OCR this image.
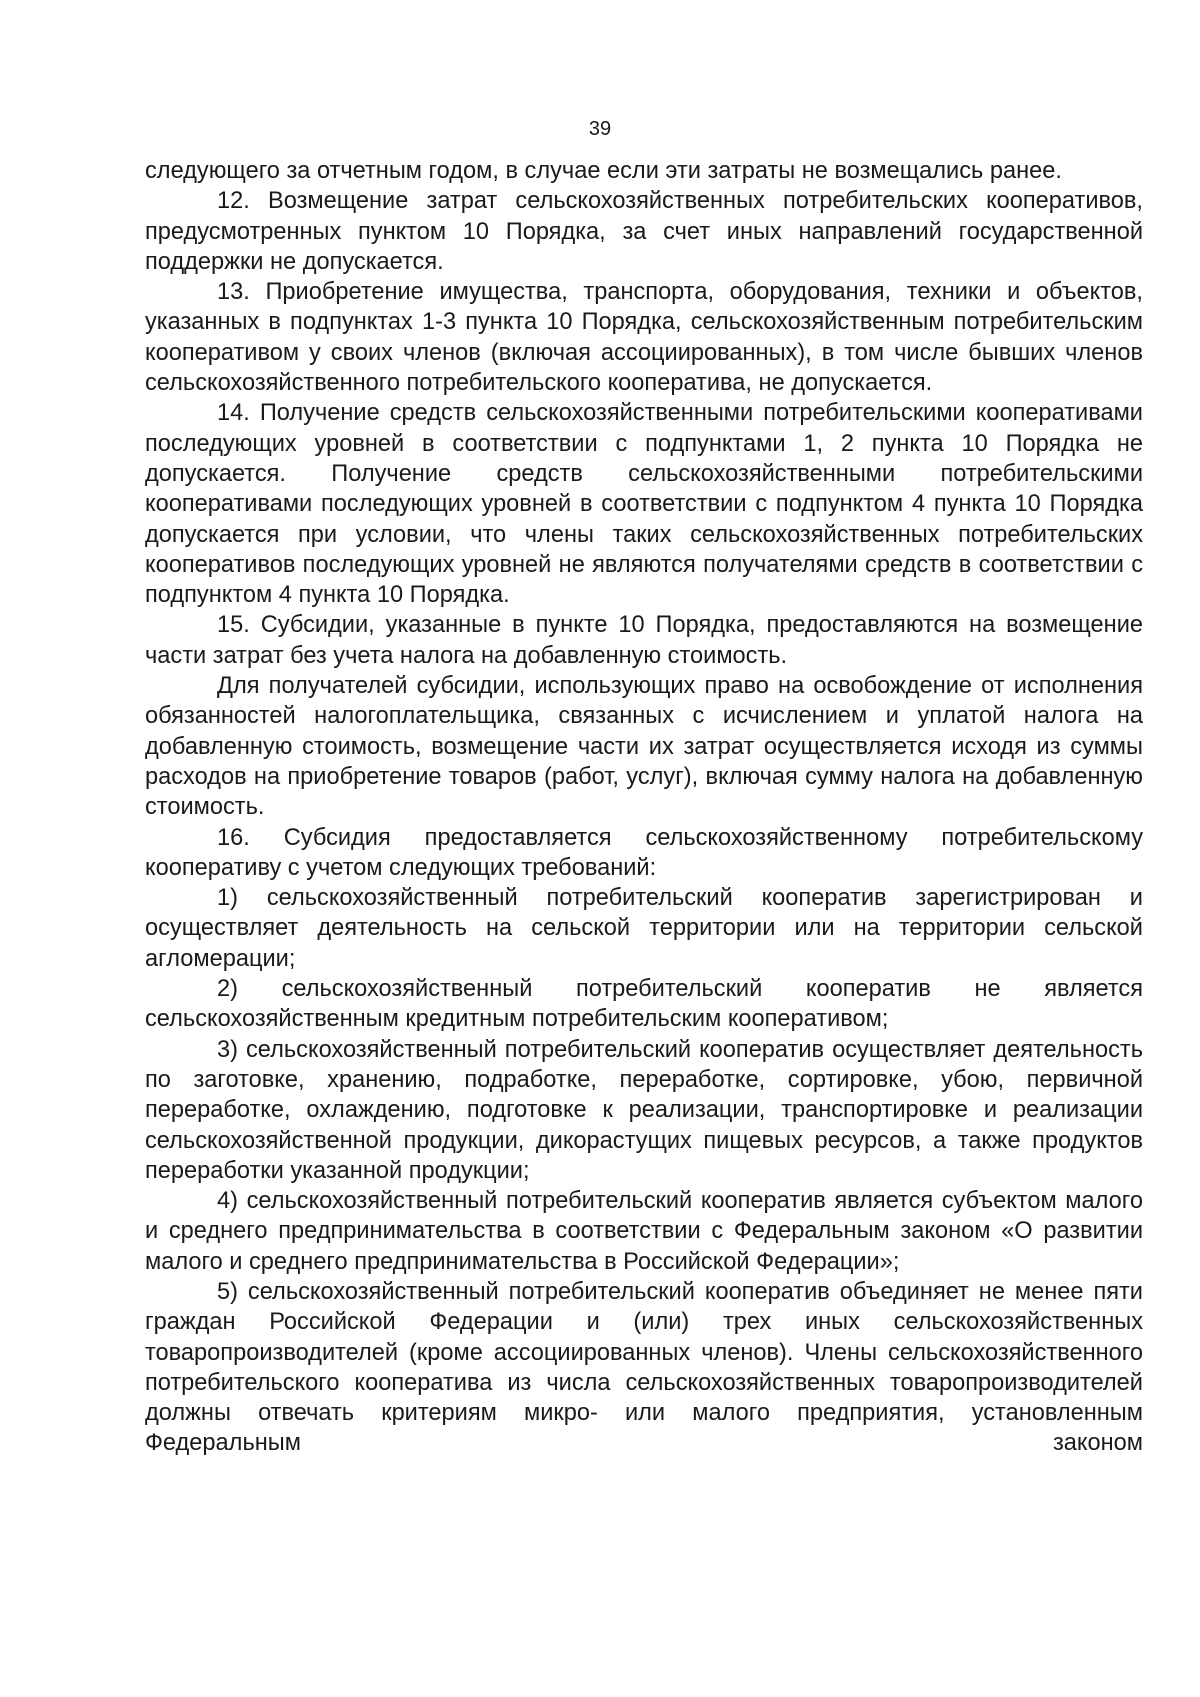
39

следующего за отчетным годом, в случае если эти затраты не возмещались ранее.

12. Возмещение затрат сельскохозяйственных потребительских кооперативов, предусмотренных пунктом 10 Порядка, за счет иных направлений государственной поддержки не допускается.

13. Приобретение имущества, транспорта, оборудования, техники и объектов, указанных в подпунктах 1-3 пункта 10 Порядка, сельскохозяйственным потребительским кооперативом у своих членов (включая ассоциированных), в том числе бывших членов сельскохозяйственного потребительского кооператива, не допускается.

14. Получение средств сельскохозяйственными потребительскими кооперативами последующих уровней в соответствии с подпунктами 1, 2 пункта 10 Порядка не допускается. Получение средств сельскохозяйственными потребительскими кооперативами последующих уровней в соответствии с подпунктом 4 пункта 10 Порядка допускается при условии, что члены таких сельскохозяйственных потребительских кооперативов последующих уровней не являются получателями средств в соответствии с подпунктом 4 пункта 10 Порядка.

15. Субсидии, указанные в пункте 10 Порядка, предоставляются на возмещение части затрат без учета налога на добавленную стоимость.

Для получателей субсидии, использующих право на освобождение от исполнения обязанностей налогоплательщика, связанных с исчислением и уплатой налога на добавленную стоимость, возмещение части их затрат осуществляется исходя из суммы расходов на приобретение товаров (работ, услуг), включая сумму налога на добавленную стоимость.

16. Субсидия предоставляется сельскохозяйственному потребительскому кооперативу с учетом следующих требований:

1) сельскохозяйственный потребительский кооператив зарегистрирован и осуществляет деятельность на сельской территории или на территории сельской агломерации;

2) сельскохозяйственный потребительский кооператив не является сельскохозяйственным кредитным потребительским кооперативом;

3) сельскохозяйственный потребительский кооператив осуществляет деятельность по заготовке, хранению, подработке, переработке, сортировке, убою, первичной переработке, охлаждению, подготовке к реализации, транспортировке и реализации сельскохозяйственной продукции, дикорастущих пищевых ресурсов, а также продуктов переработки указанной продукции;

4) сельскохозяйственный потребительский кооператив является субъектом малого и среднего предпринимательства в соответствии с Федеральным законом «О развитии малого и среднего предпринимательства в Российской Федерации»;

5) сельскохозяйственный потребительский кооператив объединяет не менее пяти граждан Российской Федерации и (или) трех иных сельскохозяйственных товаропроизводителей (кроме ассоциированных членов). Члены сельскохозяйственного потребительского кооператива из числа сельскохозяйственных товаропроизводителей должны отвечать критериям микро- или малого предприятия, установленным Федеральным законом
